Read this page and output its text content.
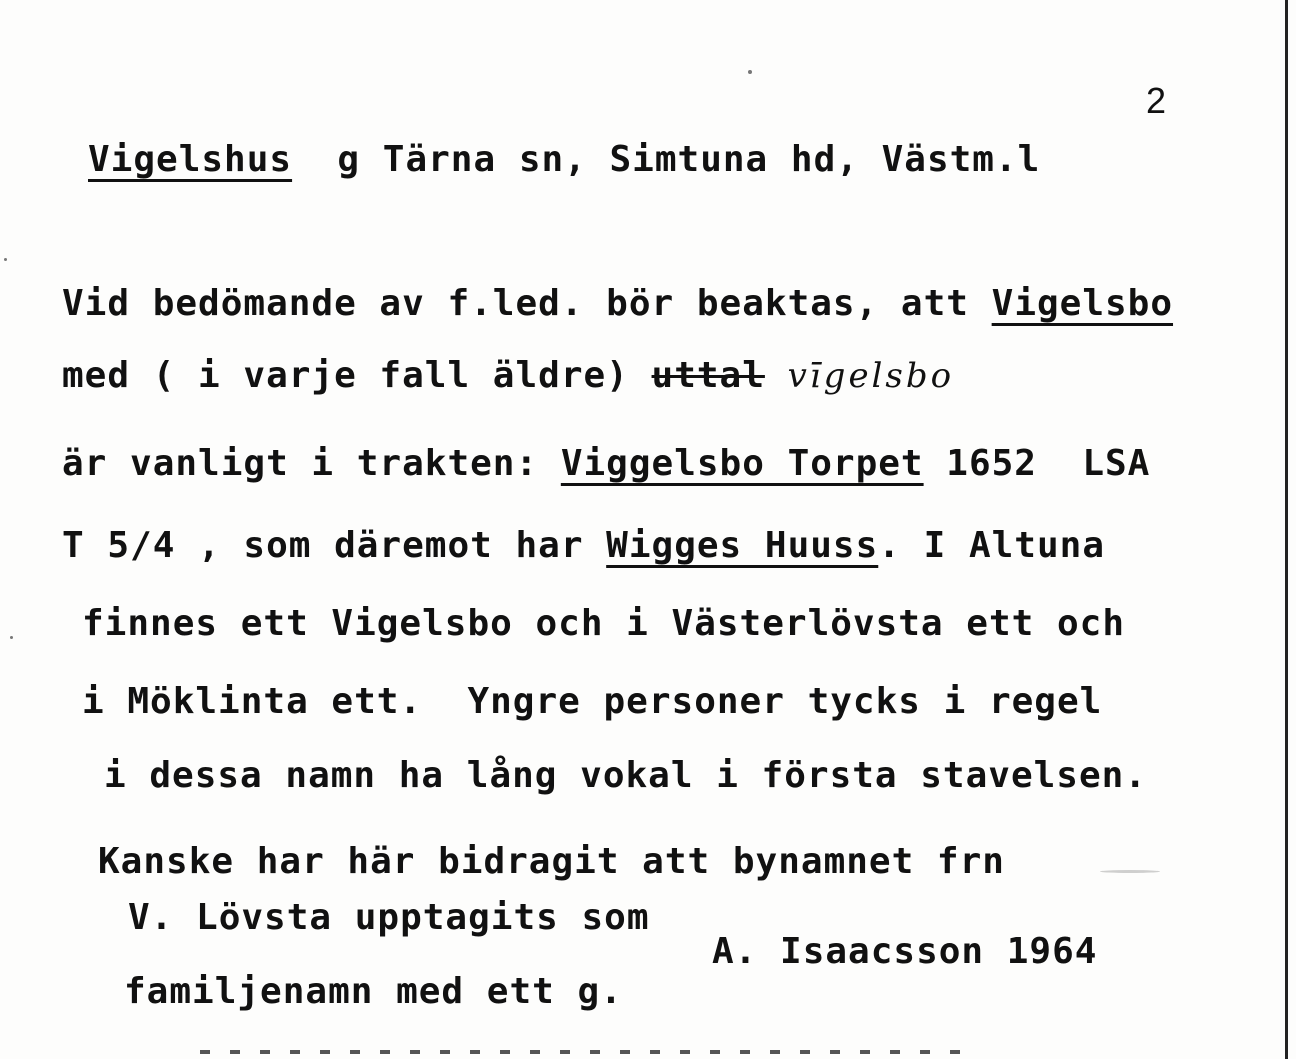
2
Vigelshus  g Tärna sn, Simtuna hd, Västm.l
Vid bedömande av f.led. bör beaktas, att Vigelsbo
med ( i varje fall äldre) uttal vīgelsbo
är vanligt i trakten: Viggelsbo Torpet 1652  LSA
T 5/4 , som däremot har Wigges Huuss. I Altuna
finnes ett Vigelsbo och i Västerlövsta ett och
i Möklinta ett.  Yngre personer tycks i regel
i dessa namn ha lång vokal i första stavelsen.
Kanske har här bidragit att bynamnet frn
V. Lövsta upptagits som
A. Isaacsson 1964
familjenamn med ett g.
